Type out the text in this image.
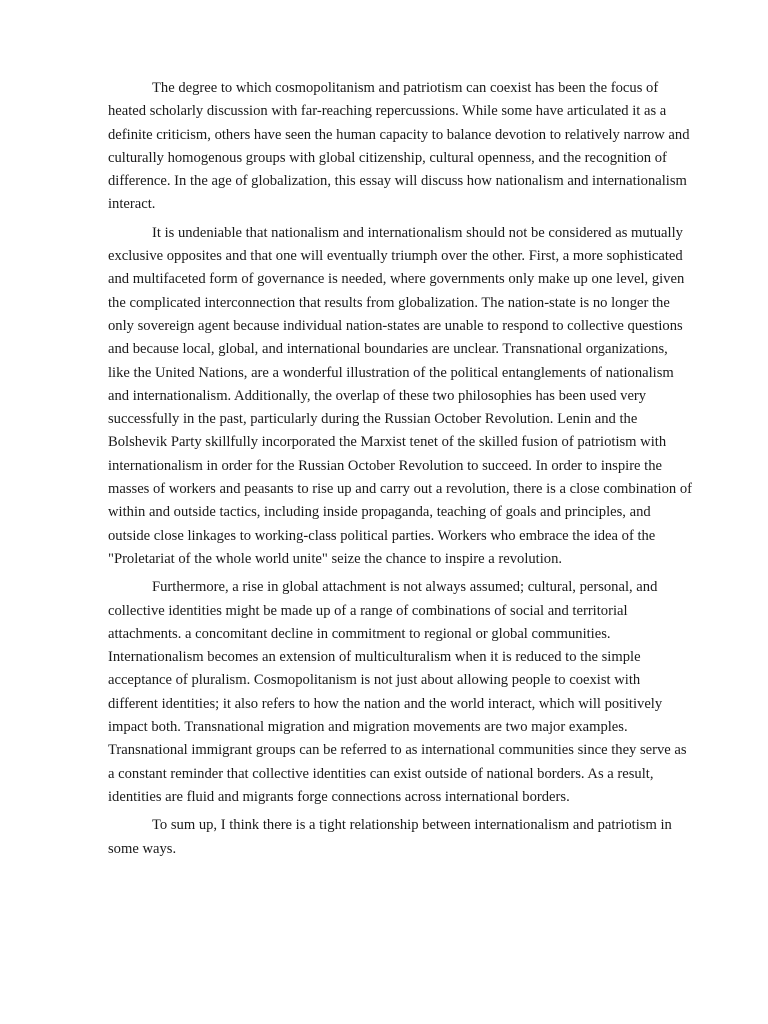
The degree to which cosmopolitanism and patriotism can coexist has been the focus of heated scholarly discussion with far-reaching repercussions. While some have articulated it as a definite criticism, others have seen the human capacity to balance devotion to relatively narrow and culturally homogenous groups with global citizenship, cultural openness, and the recognition of difference. In the age of globalization, this essay will discuss how nationalism and internationalism interact.

It is undeniable that nationalism and internationalism should not be considered as mutually exclusive opposites and that one will eventually triumph over the other. First, a more sophisticated and multifaceted form of governance is needed, where governments only make up one level, given the complicated interconnection that results from globalization. The nation-state is no longer the only sovereign agent because individual nation-states are unable to respond to collective questions and because local, global, and international boundaries are unclear. Transnational organizations, like the United Nations, are a wonderful illustration of the political entanglements of nationalism and internationalism. Additionally, the overlap of these two philosophies has been used very successfully in the past, particularly during the Russian October Revolution. Lenin and the Bolshevik Party skillfully incorporated the Marxist tenet of the skilled fusion of patriotism with internationalism in order for the Russian October Revolution to succeed. In order to inspire the masses of workers and peasants to rise up and carry out a revolution, there is a close combination of within and outside tactics, including inside propaganda, teaching of goals and principles, and outside close linkages to working-class political parties. Workers who embrace the idea of the "Proletariat of the whole world unite" seize the chance to inspire a revolution.

Furthermore, a rise in global attachment is not always assumed; cultural, personal, and collective identities might be made up of a range of combinations of social and territorial attachments. a concomitant decline in commitment to regional or global communities. Internationalism becomes an extension of multiculturalism when it is reduced to the simple acceptance of pluralism. Cosmopolitanism is not just about allowing people to coexist with different identities; it also refers to how the nation and the world interact, which will positively impact both. Transnational migration and migration movements are two major examples. Transnational immigrant groups can be referred to as international communities since they serve as a constant reminder that collective identities can exist outside of national borders. As a result, identities are fluid and migrants forge connections across international borders.

To sum up, I think there is a tight relationship between internationalism and patriotism in some ways.
